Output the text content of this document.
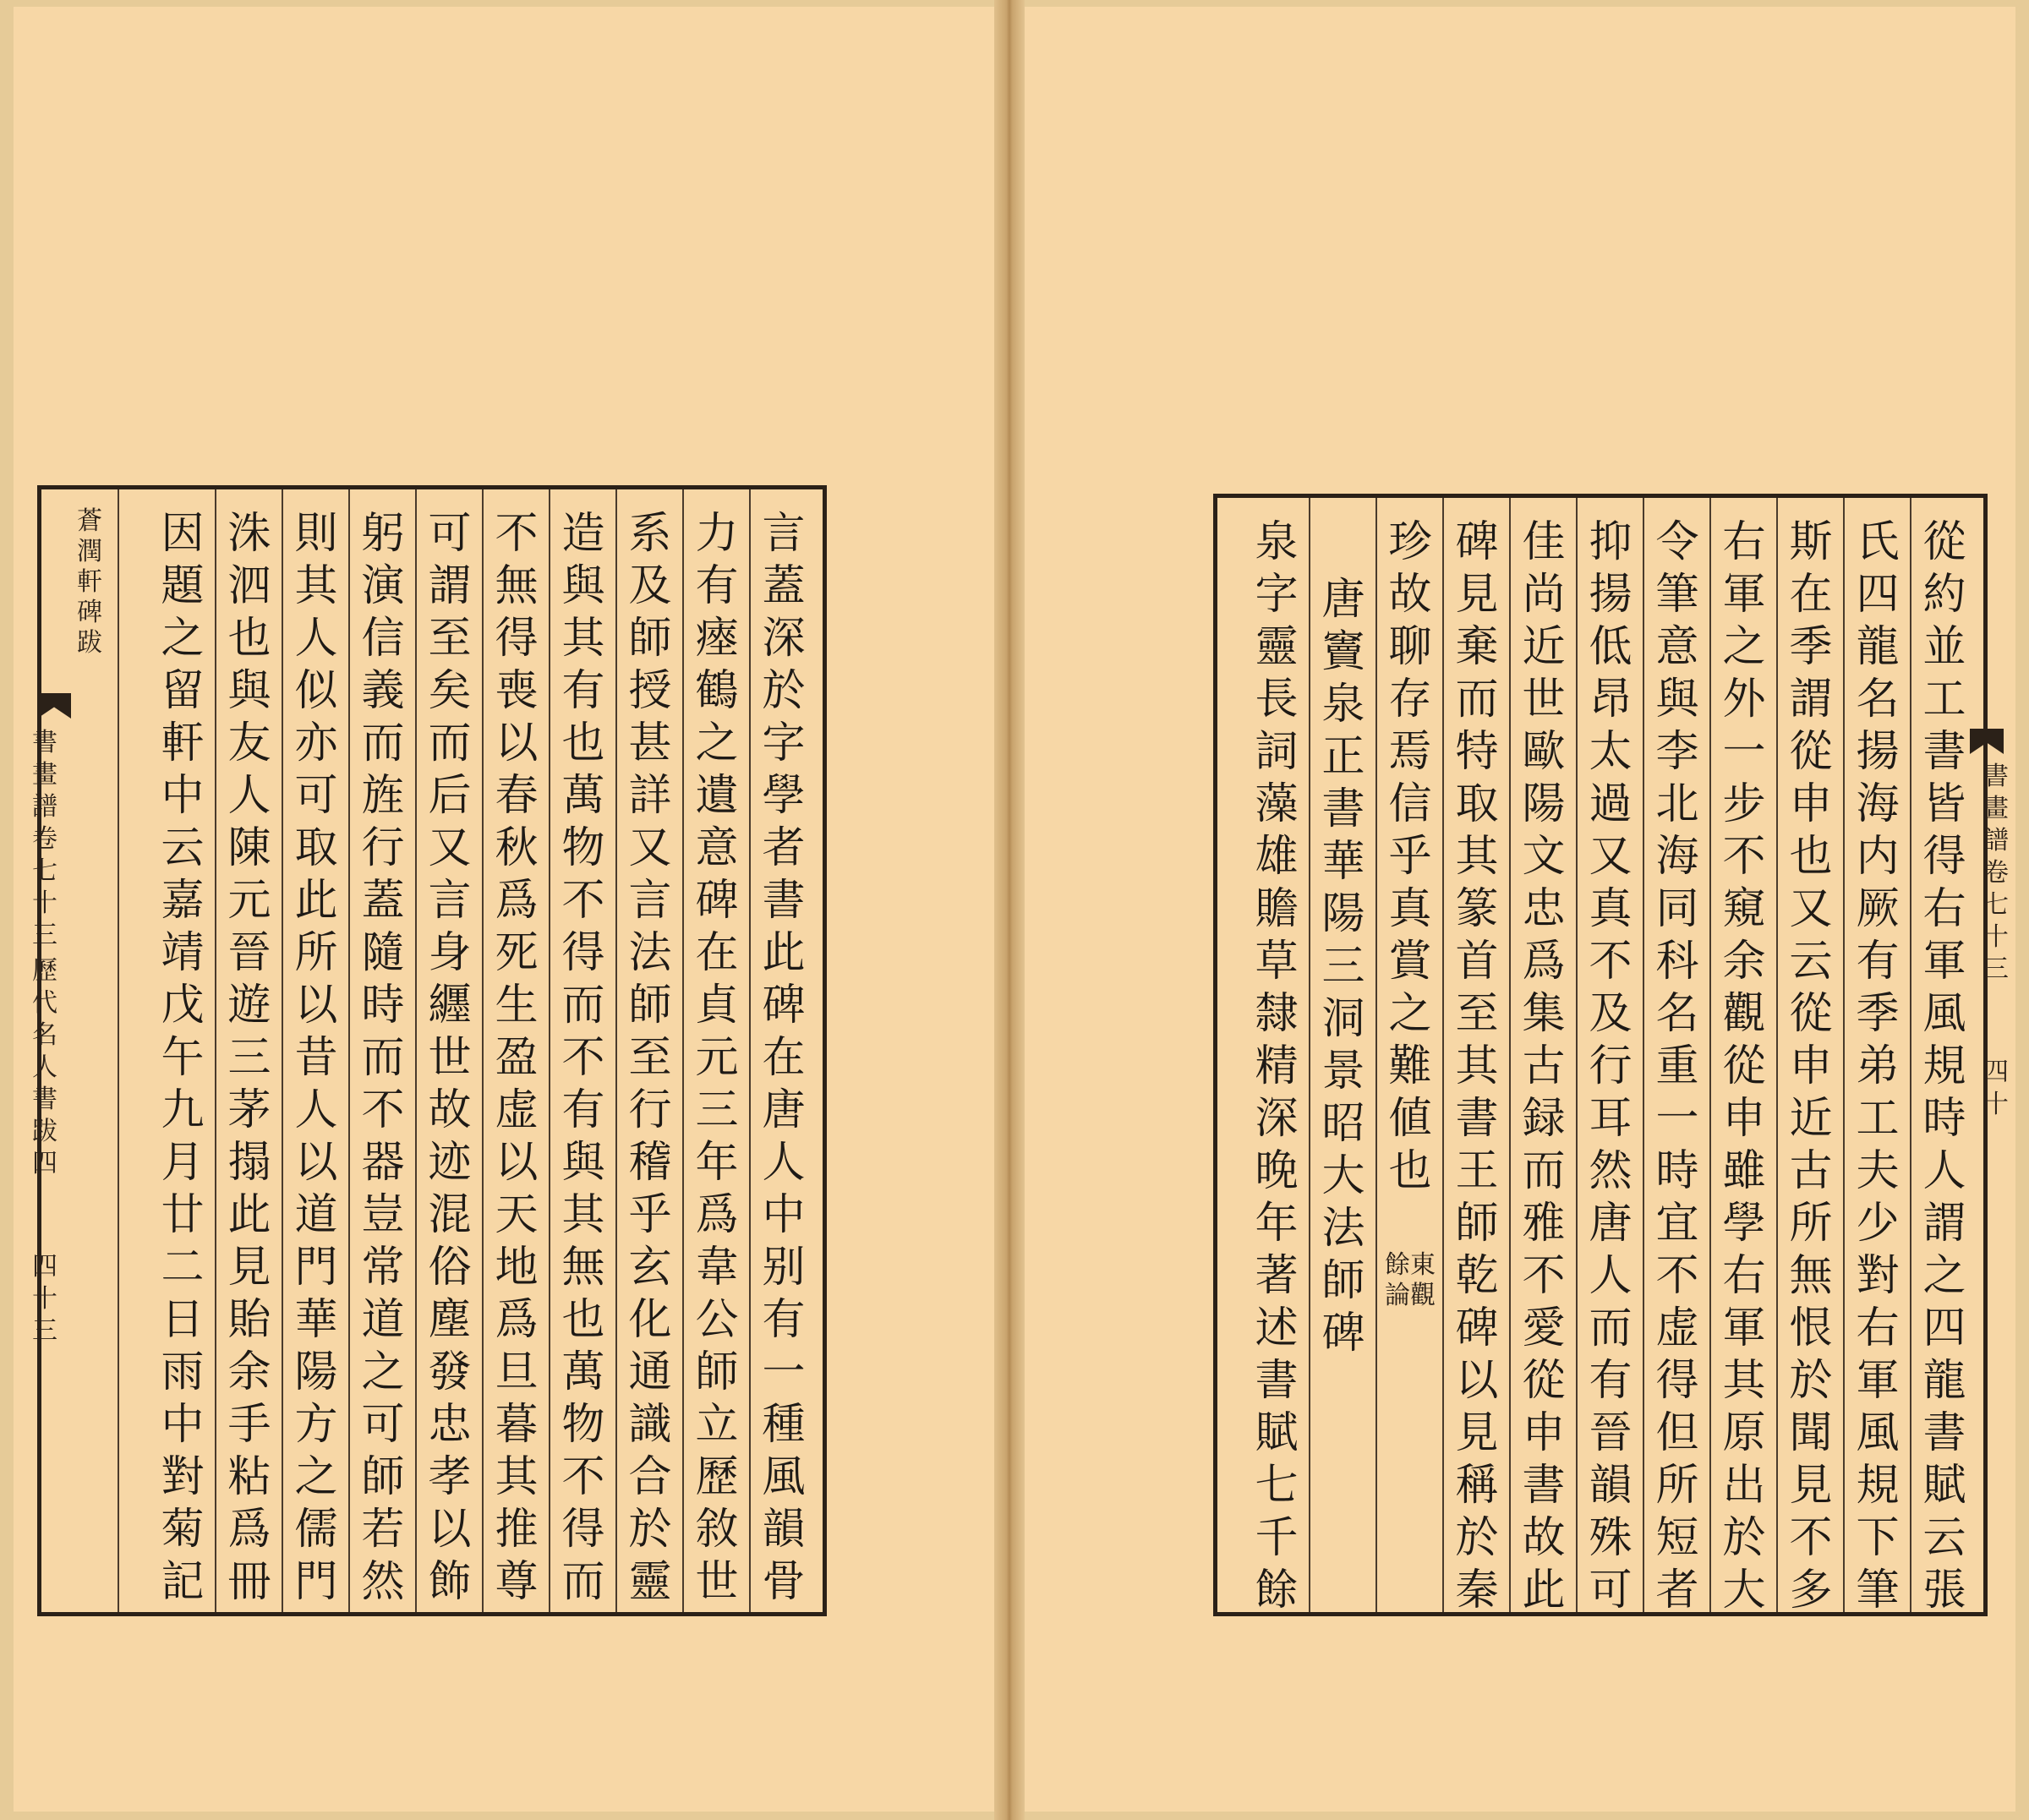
言
蓋
深
於
字
學
者
書
此
碑
在
唐
人
中
别
有
一
種
風
韻
骨
力
有
瘞
鶴
之
遺
意
碑
在
貞
元
三
年
爲
韋
公
師
立
歷
敘
世
系
及
師
授
甚
詳
又
言
法
師
至
行
稽
乎
玄
化
通
識
合
於
靈
造
與
其
有
也
萬
物
不
得
而
不
有
與
其
無
也
萬
物
不
得
而
不
無
得
喪
以
春
秋
爲
死
生
盈
虚
以
天
地
爲
旦
暮
其
推
尊
可
謂
至
矣
而
后
又
言
身
纒
世
故
迹
混
俗
塵
發
忠
孝
以
飾
躬
演
信
義
而
旌
行
蓋
隨
時
而
不
器
豈
常
道
之
可
師
若
然
則
其
人
似
亦
可
取
此
所
以
昔
人
以
道
門
華
陽
方
之
儒
門
洙
泗
也
與
友
人
陳
元
晉
遊
三
茅
搨
此
見
貽
余
手
粘
爲
冊
因
題
之
留
軒
中
云
嘉
靖
戊
午
九
月
廿
二
日
雨
中
對
菊
記
蒼
潤
軒
碑
跋
書
畫
譜
卷
七
十
三
歷
代
名
人
書
跋
四
四
十
三
從
約
並
工
書
皆
得
右
軍
風
規
時
人
謂
之
四
龍
書
賦
云
張
氏
四
龍
名
揚
海
内
厥
有
季
弟
工
夫
少
對
右
軍
風
規
下
筆
斯
在
季
謂
從
申
也
又
云
從
申
近
古
所
無
恨
於
聞
見
不
多
右
軍
之
外
一
步
不
窺
余
觀
從
申
雖
學
右
軍
其
原
出
於
大
令
筆
意
與
李
北
海
同
科
名
重
一
時
宜
不
虚
得
但
所
短
者
抑
揚
低
昂
太
過
又
真
不
及
行
耳
然
唐
人
而
有
晉
韻
殊
可
佳
尚
近
世
歐
陽
文
忠
爲
集
古
録
而
雅
不
愛
從
申
書
故
此
碑
見
棄
而
特
取
其
篆
首
至
其
書
王
師
乾
碑
以
見
稱
於
秦
珍
故
聊
存
焉
信
乎
真
賞
之
難
値
也
餘
論
東
觀
唐
竇
泉
正
書
華
陽
三
洞
景
昭
大
法
師
碑
泉
字
靈
長
詞
藻
雄
贍
草
隸
精
深
晚
年
著
述
書
賦
七
千
餘
書
畫
譜
卷
七
十
三
四
十
